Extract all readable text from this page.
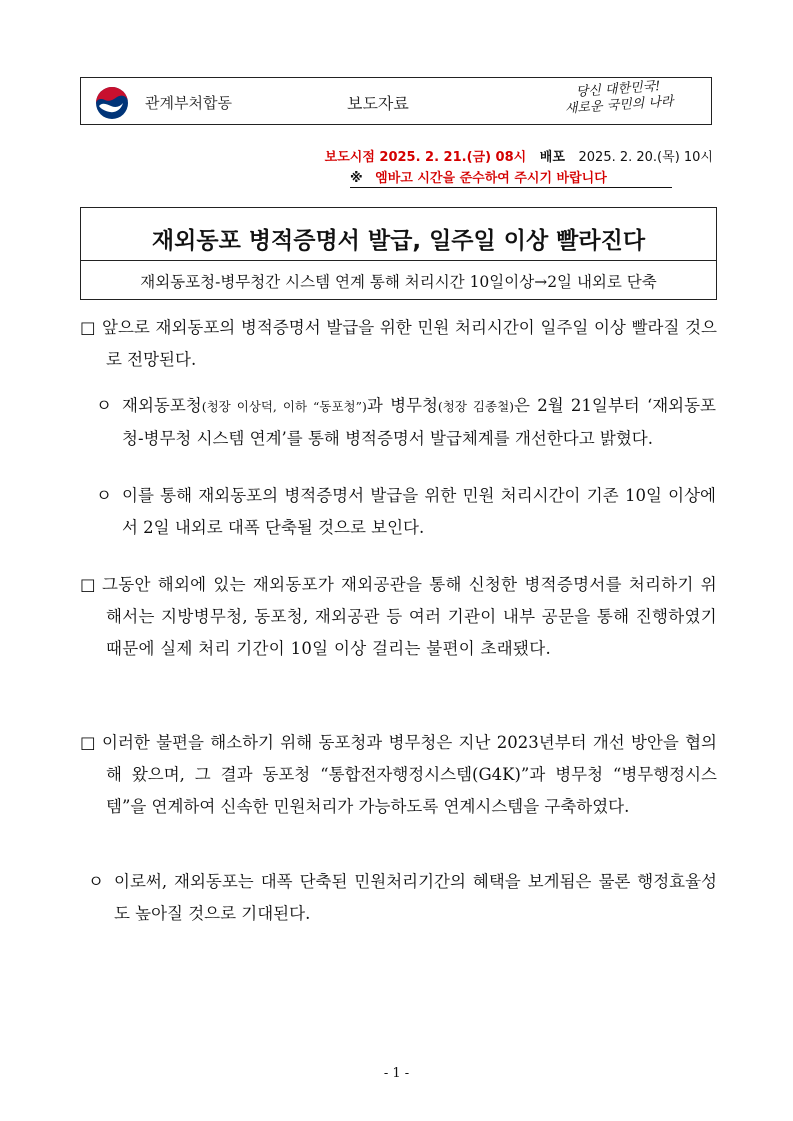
관계부처합동	보도자료
당신 대한민국!
새로운 국민의 나라
보도시점 2025. 2. 21.(금) 08시 배포 2025. 2. 20.(목) 10시
※ 엠바고 시간을 준수하여 주시기 바랍니다
재외동포 병적증명서 발급, 일주일 이상 빨라진다
재외동포청-병무청간 시스템 연계 통해 처리시간 10일이상→2일 내외로 단축
□ 앞으로 재외동포의 병적증명서 발급을 위한 민원 처리시간이 일주일 이상 빨라질 것으로 전망된다.
ㅇ 재외동포청(청장 이상덕, 이하 “동포청”)과 병무청(청장 김종철)은 2월 21일부터 ‘재외동포청-병무청 시스템 연계’를 통해 병적증명서 발급체계를 개선한다고 밝혔다.
ㅇ 이를 통해 재외동포의 병적증명서 발급을 위한 민원 처리시간이 기존 10일 이상에서 2일 내외로 대폭 단축될 것으로 보인다.
□ 그동안 해외에 있는 재외동포가 재외공관을 통해 신청한 병적증명서를 처리하기 위해서는 지방병무청, 동포청, 재외공관 등 여러 기관이 내부 공문을 통해 진행하였기 때문에 실제 처리 기간이 10일 이상 걸리는 불편이 초래됐다.
□ 이러한 불편을 해소하기 위해 동포청과 병무청은 지난 2023년부터 개선 방안을 협의해 왔으며, 그 결과 동포청 “통합전자행정시스템(G4K)”과 병무청 “병무행정시스템”을 연계하여 신속한 민원처리가 가능하도록 연계시스템을 구축하였다.
ㅇ 이로써, 재외동포는 대폭 단축된 민원처리기간의 혜택을 보게됨은 물론 행정효율성도 높아질 것으로 기대된다.
- 1 -
